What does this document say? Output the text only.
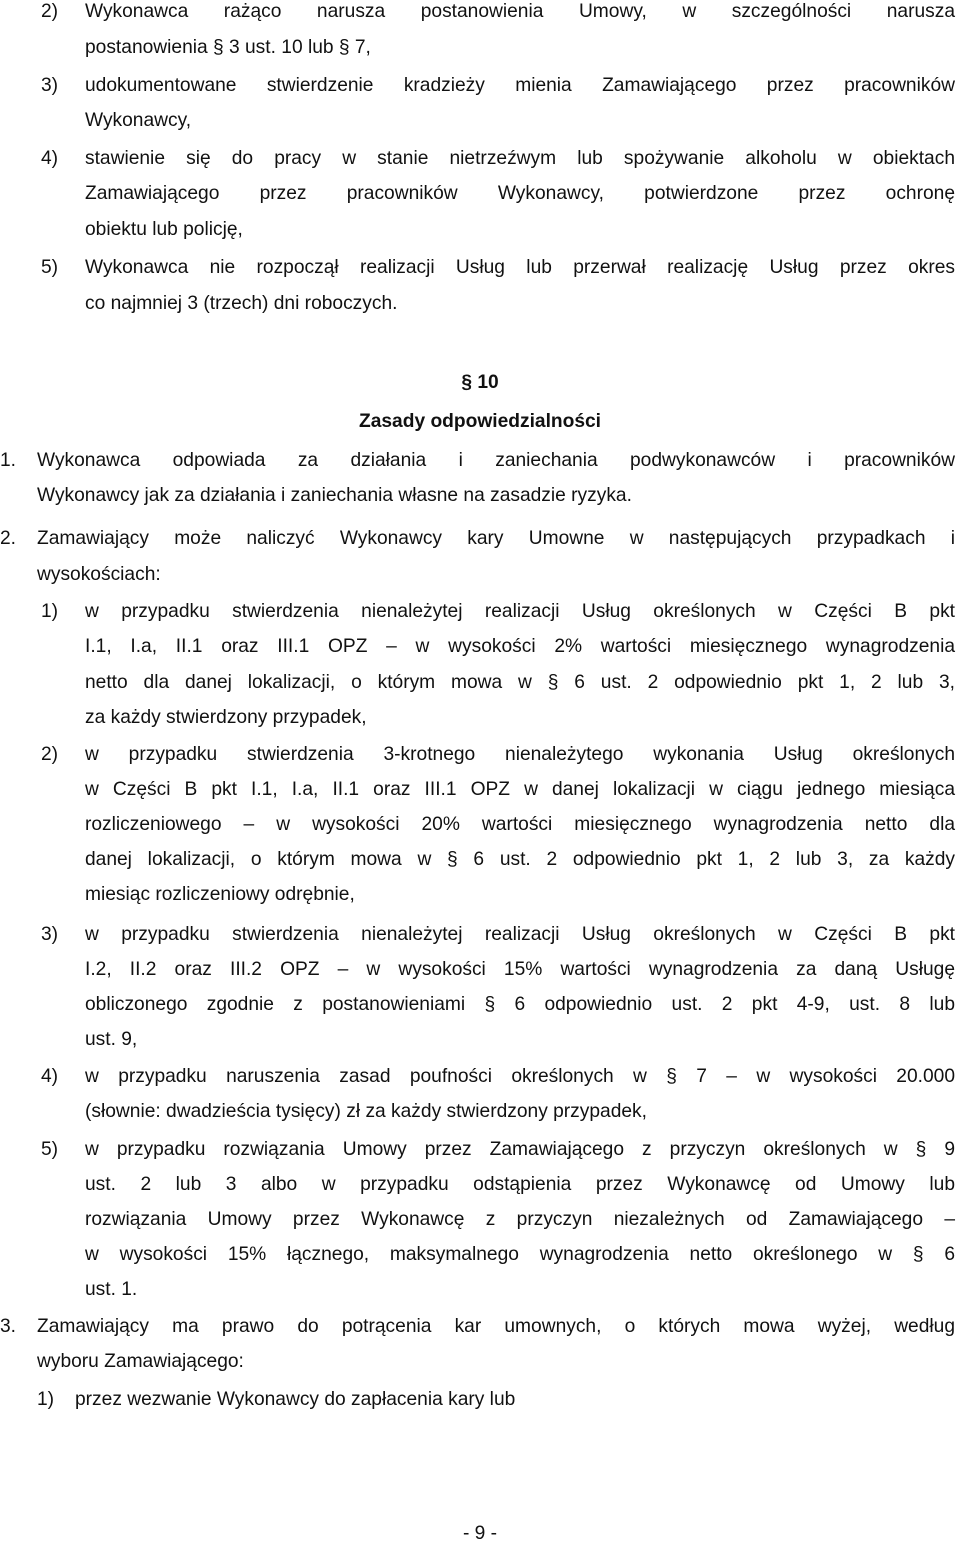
2) Wykonawca rażąco narusza postanowienia Umowy, w szczególności narusza
postanowienia § 3 ust. 10 lub § 7,
3) udokumentowane stwierdzenie kradzieży mienia Zamawiającego przez pracowników
Wykonawcy,
4) stawienie się do pracy w stanie nietrzeźwym lub spożywanie alkoholu w obiektach
Zamawiającego przez pracowników Wykonawcy, potwierdzone przez ochronę
obiektu lub policję,
5) Wykonawca nie rozpoczął realizacji Usług lub przerwał realizację Usług przez okres
co najmniej 3 (trzech) dni roboczych.
§ 10
Zasady odpowiedzialności
1. Wykonawca odpowiada za działania i zaniechania podwykonawców i pracowników
Wykonawcy jak za działania i zaniechania własne na zasadzie ryzyka.
2. Zamawiający może naliczyć Wykonawcy kary Umowne w następujących przypadkach i
wysokościach:
1) w przypadku stwierdzenia nienależytej realizacji Usług określonych w Części B pkt
I.1, I.a, II.1 oraz III.1 OPZ – w wysokości 2% wartości miesięcznego wynagrodzenia
netto dla danej lokalizacji, o którym mowa w § 6 ust. 2 odpowiednio pkt 1, 2 lub 3,
za każdy stwierdzony przypadek,
2) w przypadku stwierdzenia 3-krotnego nienależytego wykonania Usług określonych
w Części B pkt I.1, I.a, II.1 oraz III.1 OPZ w danej lokalizacji w ciągu jednego miesiąca
rozliczeniowego – w wysokości 20% wartości miesięcznego wynagrodzenia netto dla
danej lokalizacji, o którym mowa w § 6 ust. 2 odpowiednio pkt 1, 2 lub 3, za każdy
miesiąc rozliczeniowy odrębnie,
3) w przypadku stwierdzenia nienależytej realizacji Usług określonych w Części B pkt
I.2, II.2 oraz III.2 OPZ – w wysokości 15% wartości wynagrodzenia za daną Usługę
obliczonego zgodnie z postanowieniami § 6 odpowiednio ust. 2 pkt 4-9, ust. 8 lub
ust. 9,
4) w przypadku naruszenia zasad poufności określonych w § 7 – w wysokości 20.000
(słownie: dwadzieścia tysięcy) zł za każdy stwierdzony przypadek,
5) w przypadku rozwiązania Umowy przez Zamawiającego z przyczyn określonych w § 9
ust. 2 lub 3 albo w przypadku odstąpienia przez Wykonawcę od Umowy lub
rozwiązania Umowy przez Wykonawcę z przyczyn niezależnych od Zamawiającego –
w wysokości 15% łącznego, maksymalnego wynagrodzenia netto określonego w § 6
ust. 1.
3. Zamawiający ma prawo do potrącenia kar umownych, o których mowa wyżej, według
wyboru Zamawiającego:
1) przez wezwanie Wykonawcy do zapłacenia kary lub
- 9 -
